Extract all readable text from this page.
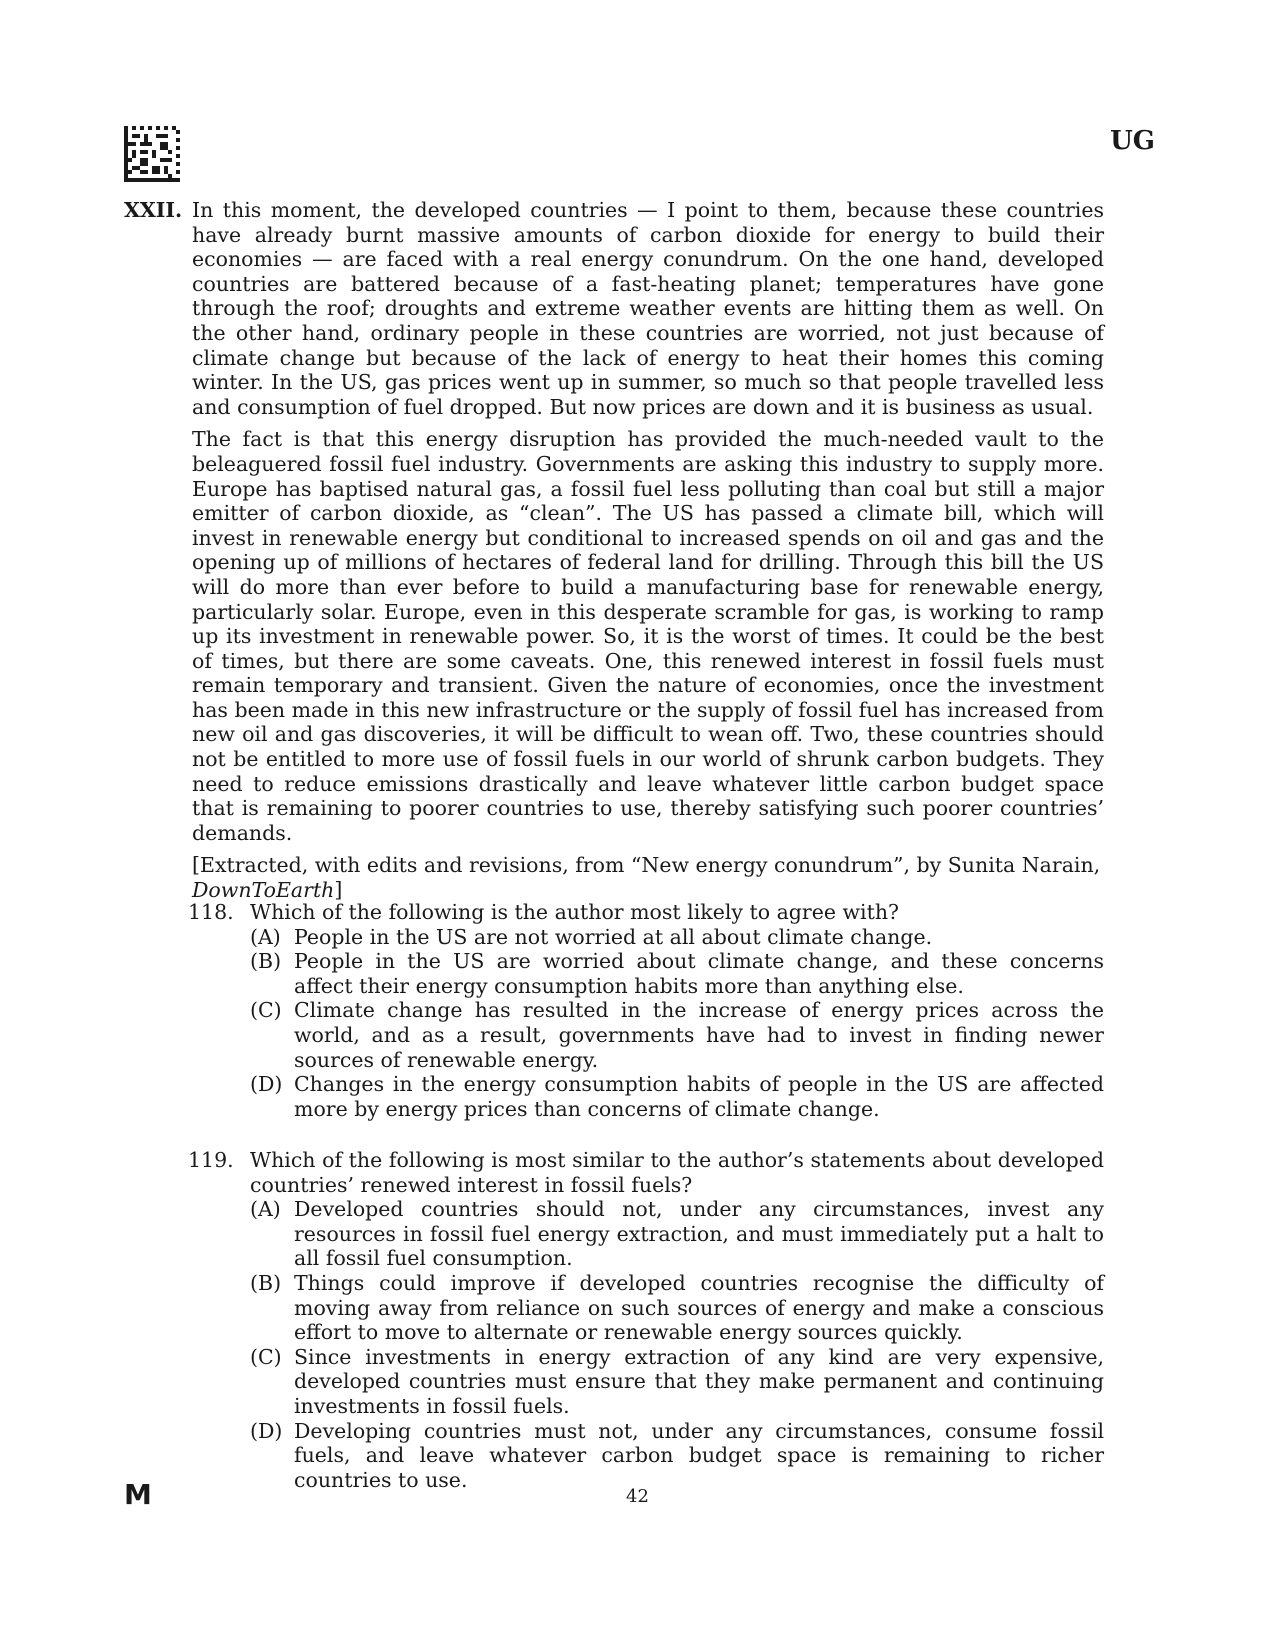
UG
XXII. In this moment, the developed countries — I point to them, because these countries have already burnt massive amounts of carbon dioxide for energy to build their economies — are faced with a real energy conundrum. On the one hand, developed countries are battered because of a fast-heating planet; temperatures have gone through the roof; droughts and extreme weather events are hitting them as well. On the other hand, ordinary people in these countries are worried, not just because of climate change but because of the lack of energy to heat their homes this coming winter. In the US, gas prices went up in summer, so much so that people travelled less and consumption of fuel dropped. But now prices are down and it is business as usual.

The fact is that this energy disruption has provided the much-needed vault to the beleaguered fossil fuel industry. Governments are asking this industry to supply more. Europe has baptised natural gas, a fossil fuel less polluting than coal but still a major emitter of carbon dioxide, as “clean”. The US has passed a climate bill, which will invest in renewable energy but conditional to increased spends on oil and gas and the opening up of millions of hectares of federal land for drilling. Through this bill the US will do more than ever before to build a manufacturing base for renewable energy, particularly solar. Europe, even in this desperate scramble for gas, is working to ramp up its investment in renewable power. So, it is the worst of times. It could be the best of times, but there are some caveats. One, this renewed interest in fossil fuels must remain temporary and transient. Given the nature of economies, once the investment has been made in this new infrastructure or the supply of fossil fuel has increased from new oil and gas discoveries, it will be difficult to wean off. Two, these countries should not be entitled to more use of fossil fuels in our world of shrunk carbon budgets. They need to reduce emissions drastically and leave whatever little carbon budget space that is remaining to poorer countries to use, thereby satisfying such poorer countries’ demands.

[Extracted, with edits and revisions, from “New energy conundrum”, by Sunita Narain, DownToEarth]

118. Which of the following is the author most likely to agree with?
(A) People in the US are not worried at all about climate change.
(B) People in the US are worried about climate change, and these concerns affect their energy consumption habits more than anything else.
(C) Climate change has resulted in the increase of energy prices across the world, and as a result, governments have had to invest in finding newer sources of renewable energy.
(D) Changes in the energy consumption habits of people in the US are affected more by energy prices than concerns of climate change.
119. Which of the following is most similar to the author’s statements about developed countries’ renewed interest in fossil fuels?
(A) Developed countries should not, under any circumstances, invest any resources in fossil fuel energy extraction, and must immediately put a halt to all fossil fuel consumption.
(B) Things could improve if developed countries recognise the difficulty of moving away from reliance on such sources of energy and make a conscious effort to move to alternate or renewable energy sources quickly.
(C) Since investments in energy extraction of any kind are very expensive, developed countries must ensure that they make permanent and continuing investments in fossil fuels.
(D) Developing countries must not, under any circumstances, consume fossil fuels, and leave whatever carbon budget space is remaining to richer countries to use.
M	42
